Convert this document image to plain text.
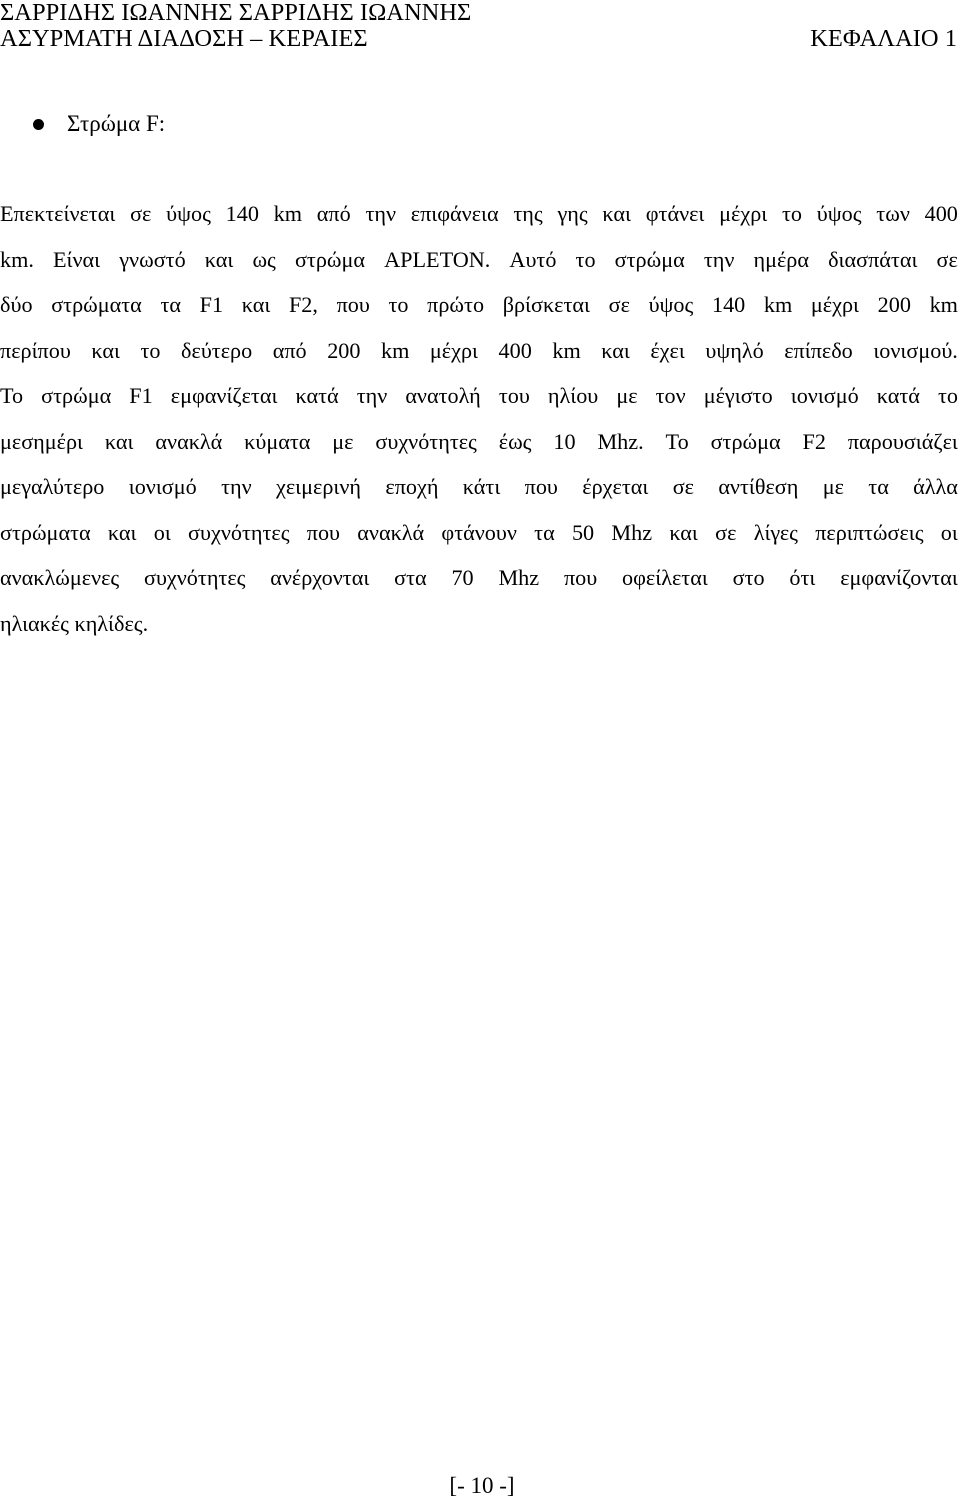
ΣΑΡΡΙΔΗΣ ΙΩΑΝΝΗΣ ΣΑΡΡΙΔΗΣ ΙΩΑΝΝΗΣ
ΑΣΥΡΜΑΤΗ ΔΙΑΔΟΣΗ – ΚΕΡΑΙΕΣ	ΚΕΦΑΛΑΙΟ 1
Στρώμα F:
Επεκτείνεται σε ύψος 140 km από την επιφάνεια της γης και φτάνει μέχρι το ύψος των 400
km. Είναι γνωστό και ως στρώμα APLETON. Αυτό το στρώμα την ημέρα διασπάται σε
δύο στρώματα τα F1 και F2, που το πρώτο βρίσκεται σε ύψος 140 km μέχρι 200 km
περίπου και το δεύτερο από 200 km μέχρι 400 km και έχει υψηλό επίπεδο ιονισμού.
Το στρώμα F1 εμφανίζεται κατά την ανατολή του ηλίου με τον μέγιστο ιονισμό κατά το
μεσημέρι και ανακλά κύματα με συχνότητες έως 10 Mhz. Το στρώμα F2 παρουσιάζει
μεγαλύτερο ιονισμό την χειμερινή εποχή κάτι που έρχεται σε αντίθεση με τα άλλα
στρώματα και οι συχνότητες που ανακλά φτάνουν τα 50 Mhz και σε λίγες περιπτώσεις οι
ανακλώμενες συχνότητες ανέρχονται στα 70 Mhz που οφείλεται στο ότι εμφανίζονται
ηλιακές κηλίδες.
[- 10 -]
